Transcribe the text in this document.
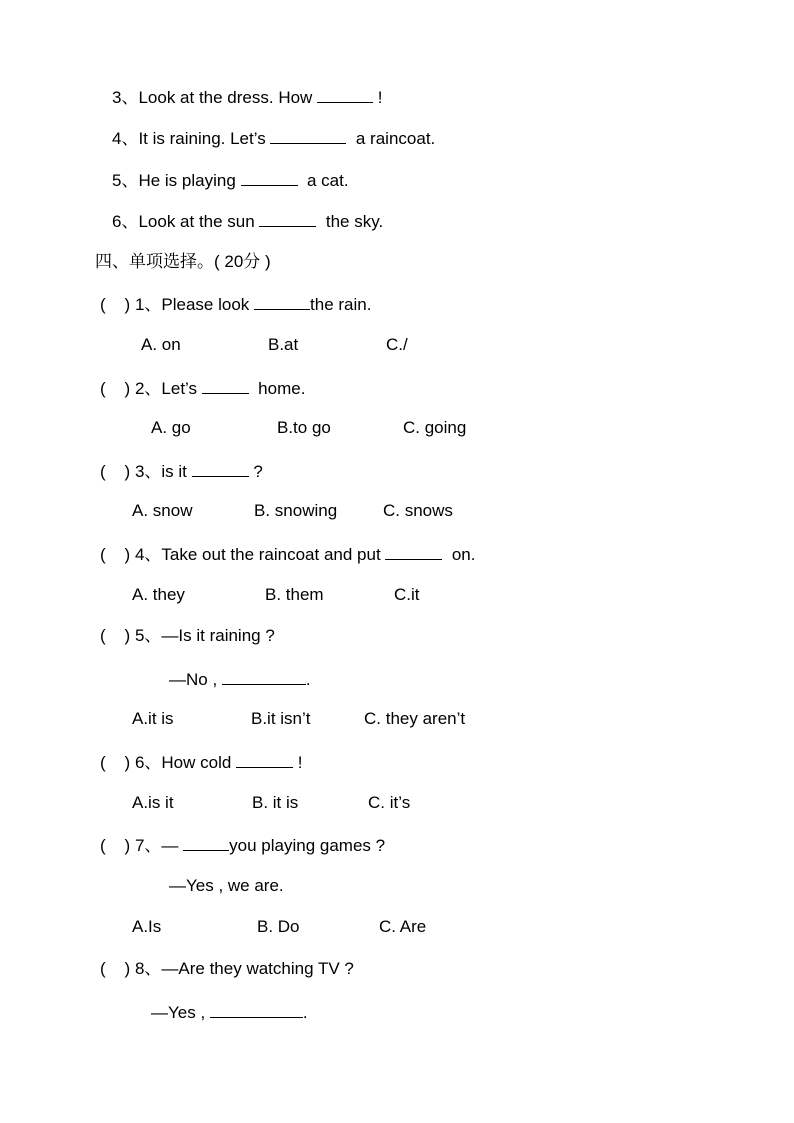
3、Look at the dress. How	!
4、It is raining. Let’s	a raincoat.
5、He is playing	a cat.
6、Look at the sun	the sky.
四、单项选择。( 20分 )
(    ) 1、Please look	the rain.
A. on	B.at	C./
(    ) 2、Let’s	home.
A. go	B.to go	C. going
(    ) 3、is it	?
A. snow	B. snowing	C. snows
(    ) 4、Take out the raincoat and put	on.
A. they	B. them	C.it
(    ) 5、—Is it raining ?
—No ,	.
A.it is	B.it isn’t	C. they aren’t
(    ) 6、How cold	!
A.is it	B. it is	C. it’s
(    ) 7、—	you playing games ?
—Yes , we are.
A.Is	B. Do	C. Are
(    ) 8、—Are they watching TV ?
—Yes ,	.
